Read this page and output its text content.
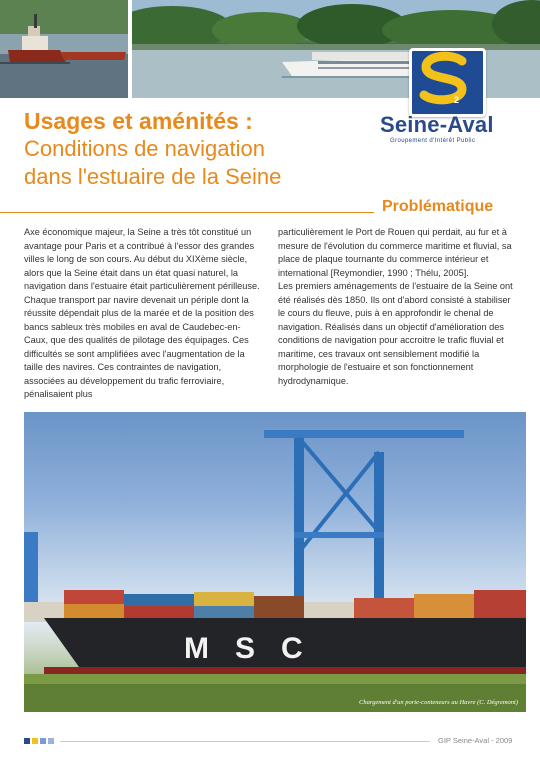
2
Seine-Aval
Groupement d'Intérêt Public
Usages et aménités :
Conditions de navigation
dans l'estuaire de la Seine
Problématique

Axe économique majeur, la Seine a très tôt constitué un avantage pour Paris et a contribué à l'essor des grandes villes le long de son cours. Au début du XIXème siècle, alors que la Seine était dans un état quasi naturel, la navigation dans l'estuaire était particulièrement périlleuse. Chaque transport par navire devenait un périple dont la réussite dépendait plus de la marée et de la position des bancs sableux très mobiles en aval de Caudebec-en-Caux, que des qualités de pilotage des équipages. Ces difficultés se sont amplifiées avec l'augmentation de la taille des navires. Ces contraintes de navigation, associées au développement du trafic ferroviaire, pénalisaient plus

particulièrement le Port de Rouen qui perdait, au fur et à mesure de l'évolution du commerce maritime et fluvial, sa place de plaque tournante du commerce intérieur et international [Reymondier, 1990 ; Thélu, 2005].

Les premiers aménagements de l'estuaire de la Seine ont été réalisés dès 1850. Ils ont d'abord consisté à stabiliser le cours du fleuve, puis à en approfondir le chenal de navigation. Réalisés dans un objectif d'amélioration des conditions de navigation pour accroitre le trafic fluvial et maritime, ces travaux ont sensiblement modifié la morphologie de l'estuaire et son fonctionnement hydrodynamique.

MSC
Chargement d'un porte-conteneurs au Havre (C. Dégremont)
GIP Seine-Aval - 2009
